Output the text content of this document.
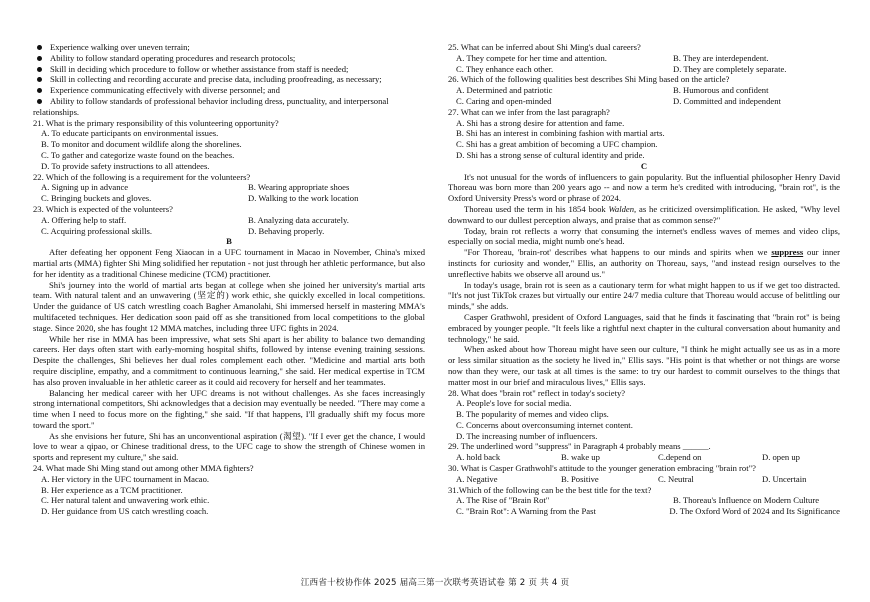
Experience walking over uneven terrain;
Ability to follow standard operating procedures and research protocols;
Skill in deciding which procedure to follow or whether assistance from staff is needed;
Skill in collecting and recording accurate and precise data, including proofreading, as necessary;
Experience communicating effectively with diverse personnel; and
Ability to follow standards of professional behavior including dress, punctuality, and interpersonal
relationships.
21. What is the primary responsibility of this volunteering opportunity?
A. To educate participants on environmental issues.
B. To monitor and document wildlife along the shorelines.
C. To gather and categorize waste found on the beaches.
D. To provide safety instructions to all attendees.
22. Which of the following is a requirement for the volunteers?
A. Signing up in advance	B. Wearing appropriate shoes
C. Bringing buckets and gloves.	D. Walking to the work location
23. Which is expected of the volunteers?
A. Offering help to staff.	B. Analyzing data accurately.
C. Acquiring professional skills.	D. Behaving properly.
B
After defeating her opponent Feng Xiaocan in a UFC tournament in Macao in November, China's mixed martial arts (MMA) fighter Shi Ming solidified her reputation - not just through her athletic performance, but also for her identity as a traditional Chinese medicine (TCM) practitioner.
Shi's journey into the world of martial arts began at college when she joined her university's martial arts team. With natural talent and an unwavering (坚定的) work ethic, she quickly excelled in local competitions. Under the guidance of US catch wrestling coach Bagher Amanolahi, Shi immersed herself in mastering MMA's multifaceted techniques. Her dedication soon paid off as she transitioned from local competitions to the global stage. Since 2020, she has fought 12 MMA matches, including three UFC fights in 2024.
While her rise in MMA has been impressive, what sets Shi apart is her ability to balance two demanding careers. Her days often start with early-morning hospital shifts, followed by intense evening training sessions. Despite the challenges, Shi believes her dual roles complement each other. "Medicine and martial arts both require discipline, empathy, and a commitment to continuous learning," she said. Her medical expertise in TCM has also proven invaluable in her athletic career as it could aid recovery for herself and her teammates.
Balancing her medical career with her UFC dreams is not without challenges. As she faces increasingly strong international competitors, Shi acknowledges that a decision may eventually be needed. "There may come a time when I need to focus more on the fighting," she said. "If that happens, I'll gradually shift my focus more toward the sport."
As she envisions her future, Shi has an unconventional aspiration (渴望). "If I ever get the chance, I would love to wear a qipao, or Chinese traditional dress, to the UFC cage to show the strength of Chinese women in sports and represent my culture," she said.
24. What made Shi Ming stand out among other MMA fighters?
A. Her victory in the UFC tournament in Macao.
B. Her experience as a TCM practitioner.
C. Her natural talent and unwavering work ethic.
D. Her guidance from US catch wrestling coach.
25. What can be inferred about Shi Ming's dual careers?
A. They compete for her time and attention.	B. They are interdependent.
C. They enhance each other.	D. They are completely separate.
26. Which of the following qualities best describes Shi Ming based on the article?
A. Determined and patriotic	B. Humorous and confident
C. Caring and open-minded	D. Committed and independent
27. What can we infer from the last paragraph?
A. Shi has a strong desire for attention and fame.
B. Shi has an interest in combining fashion with martial arts.
C. Shi has a great ambition of becoming a UFC champion.
D. Shi has a strong sense of cultural identity and pride.
C
It's not unusual for the words of influencers to gain popularity. But the influential philosopher Henry David Thoreau was born more than 200 years ago -- and now a term he's credited with introducing, "brain rot", is the Oxford University Press's word or phrase of 2024.
Thoreau used the term in his 1854 book Walden, as he criticized oversimplification. He asked, "Why level downward to our dullest perception always, and praise that as common sense?"
Today, brain rot reflects a worry that consuming the internet's endless waves of memes and video clips, especially on social media, might numb one's head.
"For Thoreau, 'brain-rot' describes what happens to our minds and spirits when we suppress our inner instincts for curiosity and wonder," Ellis, an authority on Thoreau, says, "and instead resign ourselves to the unreflective habits we observe all around us."
In today's usage, brain rot is seen as a cautionary term for what might happen to us if we get too distracted. "It's not just TikTok crazes but virtually our entire 24/7 media culture that Thoreau would accuse of belittling our minds," she adds.
Casper Grathwohl, president of Oxford Languages, said that he finds it fascinating that "brain rot" is being embraced by younger people. "It feels like a rightful next chapter in the cultural conversation about humanity and technology," he said.
When asked about how Thoreau might have seen our culture, "I think he might actually see us as in a more or less similar situation as the society he lived in," Ellis says. "His point is that whether or not things are worse now than they were, our task at all times is the same: to try our hardest to commit ourselves to the things that matter most in our brief and miraculous lives," Ellis says.
28. What does "brain rot" reflect in today's society?
A. People's love for social media.
B. The popularity of memes and video clips.
C. Concerns about overconsuming internet content.
D. The increasing number of influencers.
29. The underlined word "suppress" in Paragraph 4 probably means ______.
A. hold back	B. wake up	C.depend on	D. open up
30. What is Casper Grathwohl's attitude to the younger generation embracing "brain rot"?
A. Negative	B. Positive	C. Neutral	D. Uncertain
31.Which of the following can be the best title for the text?
A. The Rise of "Brain Rot"	B. Thoreau's Influence on Modern Culture
C. "Brain Rot": A Warning from the Past	D. The Oxford Word of 2024 and Its Significance
江西省十校协作体 2025 届高三第一次联考英语试卷 第 2 页 共 4 页
